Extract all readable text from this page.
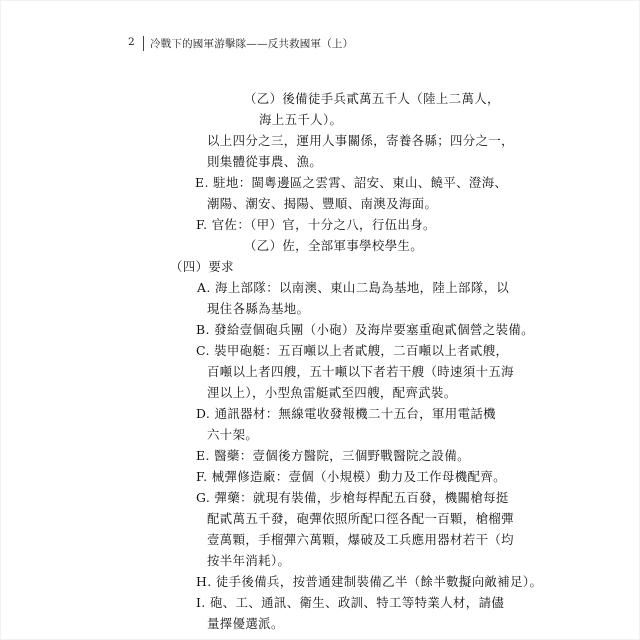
2 冷戰下的國軍游擊隊——反共救國軍（上）
（乙）後備徒手兵貳萬五千人（陸上二萬人，
海上五千人）。
以上四分之三，運用人事關係，寄養各縣；四分之一，
則集體從事農、漁。
E. 駐地：閩粵邊區之雲霄、詔安、東山、饒平、澄海、
潮陽、潮安、揭陽、豐順、南澳及海面。
F. 官佐：（甲）官，十分之八，行伍出身。
（乙）佐，全部軍事學校學生。
（四）要求
A. 海上部隊：以南澳、東山二島為基地，陸上部隊，以
現住各縣為基地。
B. 發給壹個砲兵團（小砲）及海岸要塞重砲貳個營之裝備。
C. 裝甲砲艇：五百噸以上者貳艘，二百噸以上者貳艘，
百噸以上者四艘，五十噸以下者若干艘（時速須十五海
浬以上），小型魚雷艇貳至四艘，配齊武裝。
D. 通訊器材：無線電收發報機二十五台，軍用電話機
六十架。
E. 醫藥：壹個後方醫院，三個野戰醫院之設備。
F. 械彈修造廠：壹個（小規模）動力及工作母機配齊。
G. 彈藥：就現有裝備，步槍每桿配五百發，機關槍每挺
配貳萬五千發，砲彈依照所配口徑各配一百顆，槍榴彈
壹萬顆，手榴彈六萬顆，爆破及工兵應用器材若干（均
按半年消耗）。
H. 徒手後備兵，按普通建制裝備乙半（餘半數擬向敵補足）。
I. 砲、工、通訊、衛生、政訓、特工等特業人材，請儘
量擇優選派。
